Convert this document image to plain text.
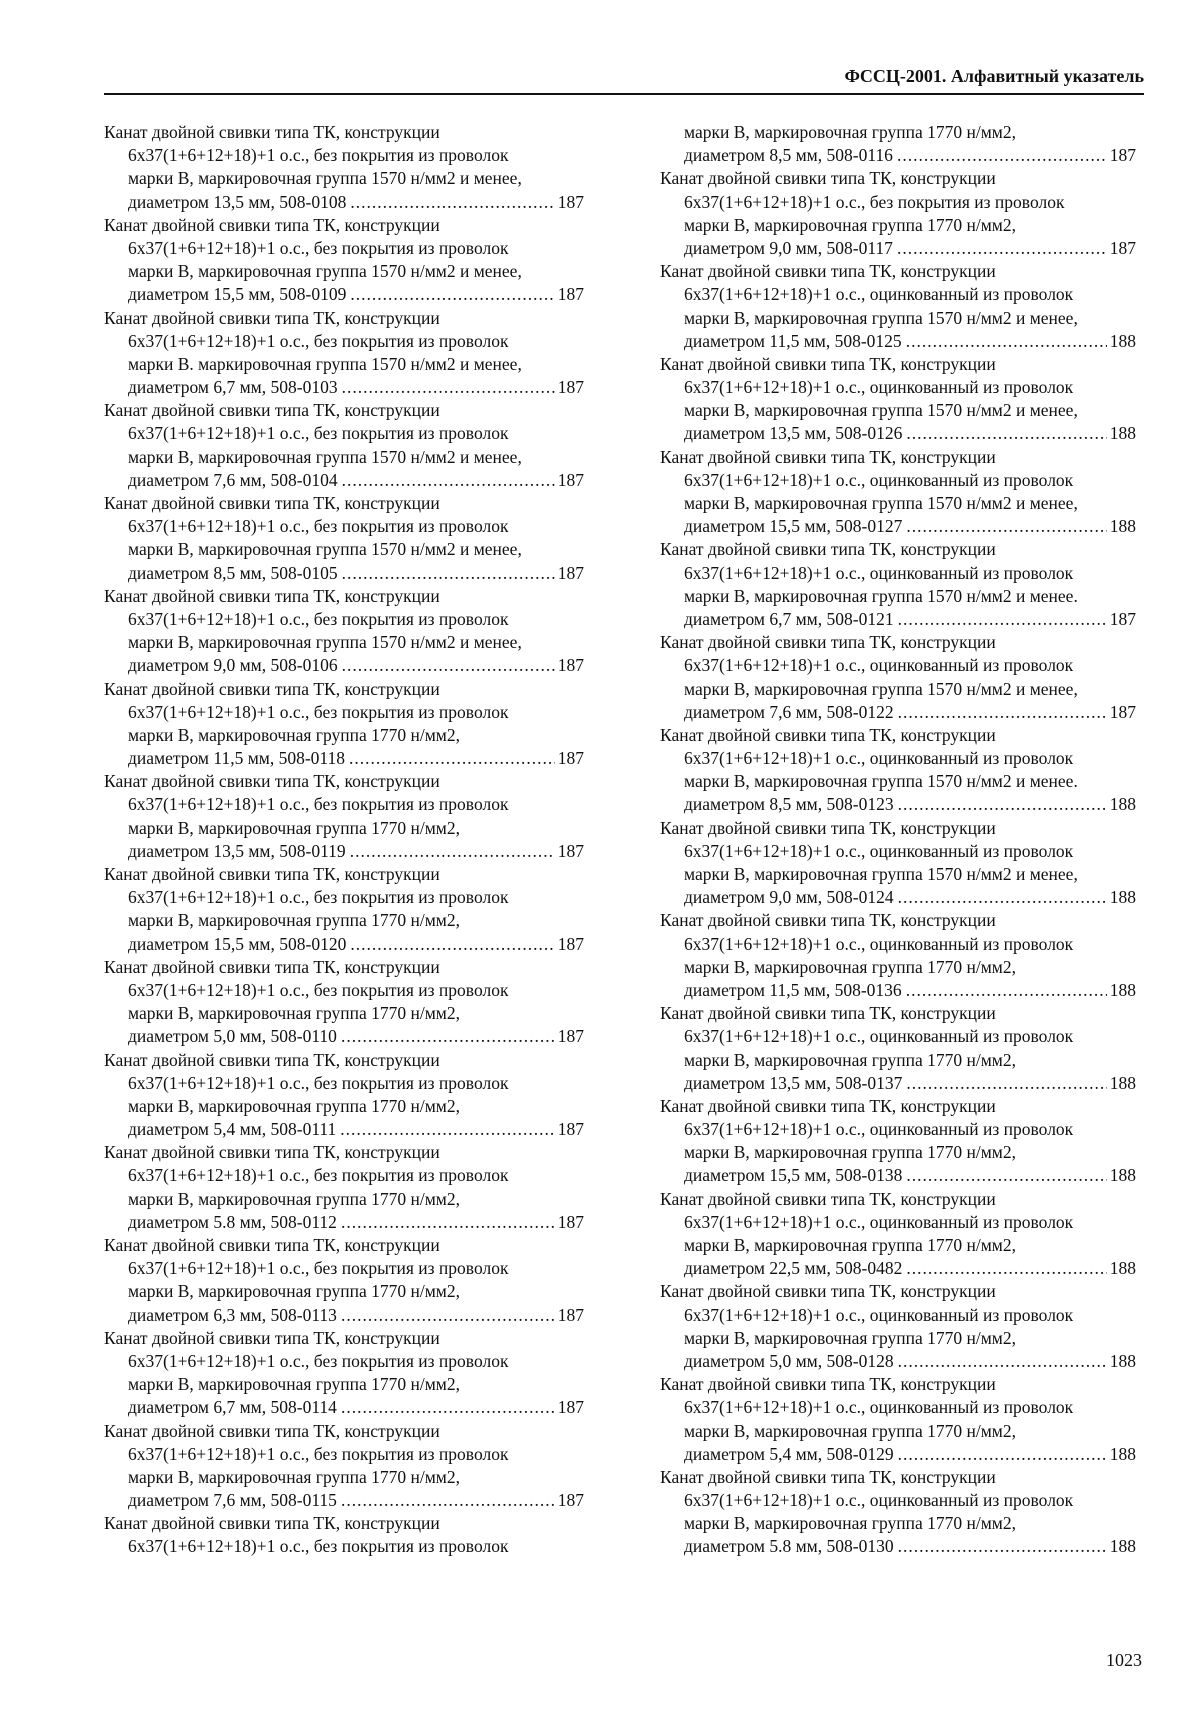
ФССЦ-2001. Алфавитный указатель
Канат двойной свивки типа ТК, конструкции
6x37(1+6+12+18)+1 о.с., без покрытия из проволок
марки В, маркировочная группа 1570 н/мм2 и менее,
диаметром 13,5 мм, 508-0108 .....	187
Канат двойной свивки типа ТК, конструкции
6x37(1+6+12+18)+1 о.с., без покрытия из проволок
марки В, маркировочная группа 1570 н/мм2 и менее,
диаметром 15,5 мм, 508-0109 .....	187
Канат двойной свивки типа ТК, конструкции
6x37(1+6+12+18)+1 о.с., без покрытия из проволок
марки В. маркировочная группа 1570 н/мм2 и менее,
диаметром 6,7 мм, 508-0103 .....	187
Канат двойной свивки типа ТК, конструкции
6x37(1+6+12+18)+1 о.с., без покрытия из проволок
марки В, маркировочная группа 1570 н/мм2 и менее,
диаметром 7,6 мм, 508-0104 .....	187
Канат двойной свивки типа ТК, конструкции
6x37(1+6+12+18)+1 о.с., без покрытия из проволок
марки В, маркировочная группа 1570 н/мм2 и менее,
диаметром 8,5 мм, 508-0105 .....	187
Канат двойной свивки типа ТК, конструкции
6x37(1+6+12+18)+1 о.с., без покрытия из проволок
марки В, маркировочная группа 1570 н/мм2 и менее,
диаметром 9,0 мм, 508-0106 .....	187
Канат двойной свивки типа ТК, конструкции
6x37(1+6+12+18)+1 о.с., без покрытия из проволок
марки В, маркировочная группа 1770 н/мм2,
диаметром 11,5 мм, 508-0118 .....	187
Канат двойной свивки типа ТК, конструкции
6x37(1+6+12+18)+1 о.с., без покрытия из проволок
марки В, маркировочная группа 1770 н/мм2,
диаметром 13,5 мм, 508-0119 .....	187
Канат двойной свивки типа ТК, конструкции
6x37(1+6+12+18)+1 о.с., без покрытия из проволок
марки В, маркировочная группа 1770 н/мм2,
диаметром 15,5 мм, 508-0120 .....	187
Канат двойной свивки типа ТК, конструкции
6x37(1+6+12+18)+1 о.с., без покрытия из проволок
марки В, маркировочная группа 1770 н/мм2,
диаметром 5,0 мм, 508-0110 .....	187
Канат двойной свивки типа ТК, конструкции
6x37(1+6+12+18)+1 о.с., без покрытия из проволок
марки В, маркировочная группа 1770 н/мм2,
диаметром 5,4 мм, 508-0111 .....	187
Канат двойной свивки типа ТК, конструкции
6x37(1+6+12+18)+1 о.с., без покрытия из проволок
марки В, маркировочная группа 1770 н/мм2,
диаметром 5.8 мм, 508-0112 .....	187
Канат двойной свивки типа ТК, конструкции
6x37(1+6+12+18)+1 о.с., без покрытия из проволок
марки В, маркировочная группа 1770 н/мм2,
диаметром 6,3 мм, 508-0113 .....	187
Канат двойной свивки типа ТК, конструкции
6x37(1+6+12+18)+1 о.с., без покрытия из проволок
марки В, маркировочная группа 1770 н/мм2,
диаметром 6,7 мм, 508-0114 .....	187
Канат двойной свивки типа ТК, конструкции
6x37(1+6+12+18)+1 о.с., без покрытия из проволок
марки В, маркировочная группа 1770 н/мм2,
диаметром 7,6 мм, 508-0115 .....	187
Канат двойной свивки типа ТК, конструкции
6x37(1+6+12+18)+1 о.с., без покрытия из проволок
марки В, маркировочная группа 1770 н/мм2,
диаметром 8,5 мм, 508-0116 .....	187
Канат двойной свивки типа ТК, конструкции
6x37(1+6+12+18)+1 о.с., без покрытия из проволок
марки В, маркировочная группа 1770 н/мм2,
диаметром 9,0 мм, 508-0117 .....	187
Канат двойной свивки типа ТК, конструкции
6x37(1+6+12+18)+1 о.с., оцинкованный из проволок
марки В, маркировочная группа 1570 н/мм2 и менее,
диаметром 11,5 мм, 508-0125 .....	188
Канат двойной свивки типа ТК, конструкции
6x37(1+6+12+18)+1 о.с., оцинкованный из проволок
марки В, маркировочная группа 1570 н/мм2 и менее,
диаметром 13,5 мм, 508-0126 .....	188
Канат двойной свивки типа ТК, конструкции
6x37(1+6+12+18)+1 о.с., оцинкованный из проволок
марки В, маркировочная группа 1570 н/мм2 и менее,
диаметром 15,5 мм, 508-0127 .....	188
Канат двойной свивки типа ТК, конструкции
6x37(1+6+12+18)+1 о.с., оцинкованный из проволок
марки В, маркировочная группа 1570 н/мм2 и менее.
диаметром 6,7 мм, 508-0121 .....	187
Канат двойной свивки типа ТК, конструкции
6x37(1+6+12+18)+1 о.с., оцинкованный из проволок
марки В, маркировочная группа 1570 н/мм2 и менее,
диаметром 7,6 мм, 508-0122 .....	187
Канат двойной свивки типа ТК, конструкции
6x37(1+6+12+18)+1 о.с., оцинкованный из проволок
марки В, маркировочная группа 1570 н/мм2 и менее.
диаметром 8,5 мм, 508-0123 .....	188
Канат двойной свивки типа ТК, конструкции
6x37(1+6+12+18)+1 о.с., оцинкованный из проволок
марки В, маркировочная группа 1570 н/мм2 и менее,
диаметром 9,0 мм, 508-0124 .....	188
Канат двойной свивки типа ТК, конструкции
6x37(1+6+12+18)+1 о.с., оцинкованный из проволок
марки В, маркировочная группа 1770 н/мм2,
диаметром 11,5 мм, 508-0136 .....	188
Канат двойной свивки типа ТК, конструкции
6x37(1+6+12+18)+1 о.с., оцинкованный из проволок
марки В, маркировочная группа 1770 н/мм2,
диаметром 13,5 мм, 508-0137 .....	188
Канат двойной свивки типа ТК, конструкции
6x37(1+6+12+18)+1 о.с., оцинкованный из проволок
марки В, маркировочная группа 1770 н/мм2,
диаметром 15,5 мм, 508-0138 .....	188
Канат двойной свивки типа ТК, конструкции
6x37(1+6+12+18)+1 о.с., оцинкованный из проволок
марки В, маркировочная группа 1770 н/мм2,
диаметром 22,5 мм, 508-0482 .....	188
Канат двойной свивки типа ТК, конструкции
6x37(1+6+12+18)+1 о.с., оцинкованный из проволок
марки В, маркировочная группа 1770 н/мм2,
диаметром 5,0 мм, 508-0128 .....	188
Канат двойной свивки типа ТК, конструкции
6x37(1+6+12+18)+1 о.с., оцинкованный из проволок
марки В, маркировочная группа 1770 н/мм2,
диаметром 5,4 мм, 508-0129 .....	188
Канат двойной свивки типа ТК, конструкции
6x37(1+6+12+18)+1 о.с., оцинкованный из проволок
марки В, маркировочная группа 1770 н/мм2,
диаметром 5.8 мм, 508-0130 .....	188
1023
